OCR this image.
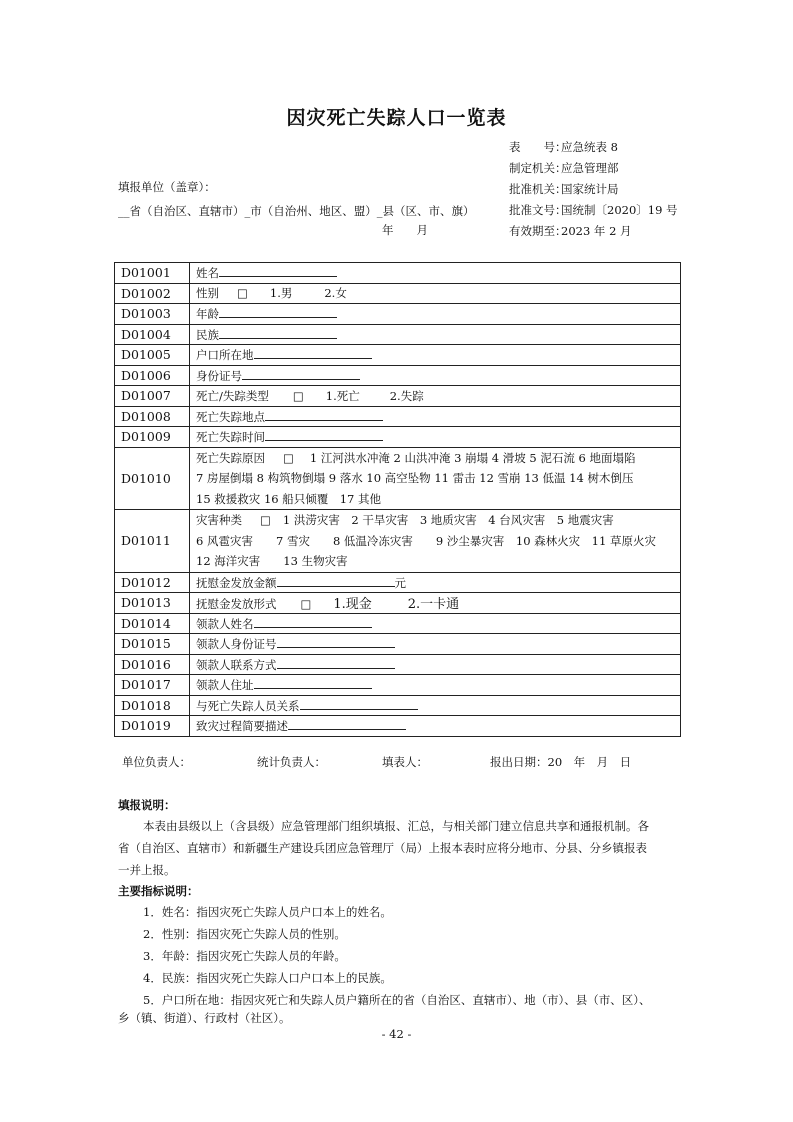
因灾死亡失踪人口一览表
表　　号：应急统表 8
制定机关：应急管理部
批准机关：国家统计局
批准文号：国统制〔2020〕19 号
有效期至：2023 年 2 月
填报单位（盖章）：
__省（自治区、直辖市）_市（自治州、地区、盟）_县（区、市、旗）
年　　月
D01001	姓名
D01002	性别 □ 1.男 2.女
D01003	年龄
D01004	民族
D01005	户口所在地
D01006	身份证号
D01007	死亡/失踪类型 □ 1.死亡 2.失踪
D01008	死亡失踪地点
D01009	死亡失踪时间
D01010	死亡失踪原因 □ 1 江河洪水冲淹 2 山洪冲淹 3 崩塌 4 滑坡 5 泥石流 6 地面塌陷
7 房屋倒塌 8 构筑物倒塌 9 落水 10 高空坠物 11 雷击 12 雪崩 13 低温 14 树木倒压
15 救援救灾 16 船只倾覆　17 其他

D01011	灾害种类 □ 1 洪涝灾害　2 干旱灾害　3 地质灾害　4 台风灾害　5 地震灾害
6 风雹灾害　　7 雪灾　　8 低温冷冻灾害　　9 沙尘暴灾害　10 森林火灾　11 草原火灾
12 海洋灾害　　13 生物灾害

D01012	抚慰金发放金额 元
D01013	抚慰金发放形式 □ 1.现金 2.一卡通
D01014	领款人姓名
D01015	领款人身份证号
D01016	领款人联系方式
D01017	领款人住址
D01018	与死亡失踪人员关系
D01019	致灾过程简要描述
单位负责人：	统计负责人：	填表人：	报出日期：20　年　月　日
填报说明：
本表由县级以上（含县级）应急管理部门组织填报、汇总，与相关部门建立信息共享和通报机制。各
省（自治区、直辖市）和新疆生产建设兵团应急管理厅（局）上报本表时应将分地市、分县、分乡镇报表
一并上报。
主要指标说明：
1．姓名：指因灾死亡失踪人员户口本上的姓名。
2．性别：指因灾死亡失踪人员的性别。
3．年龄：指因灾死亡失踪人员的年龄。
4．民族：指因灾死亡失踪人口户口本上的民族。
5．户口所在地：指因灾死亡和失踪人员户籍所在的省（自治区、直辖市）、地（市）、县（市、区）、
乡（镇、街道）、行政村（社区）。
- 42 -
